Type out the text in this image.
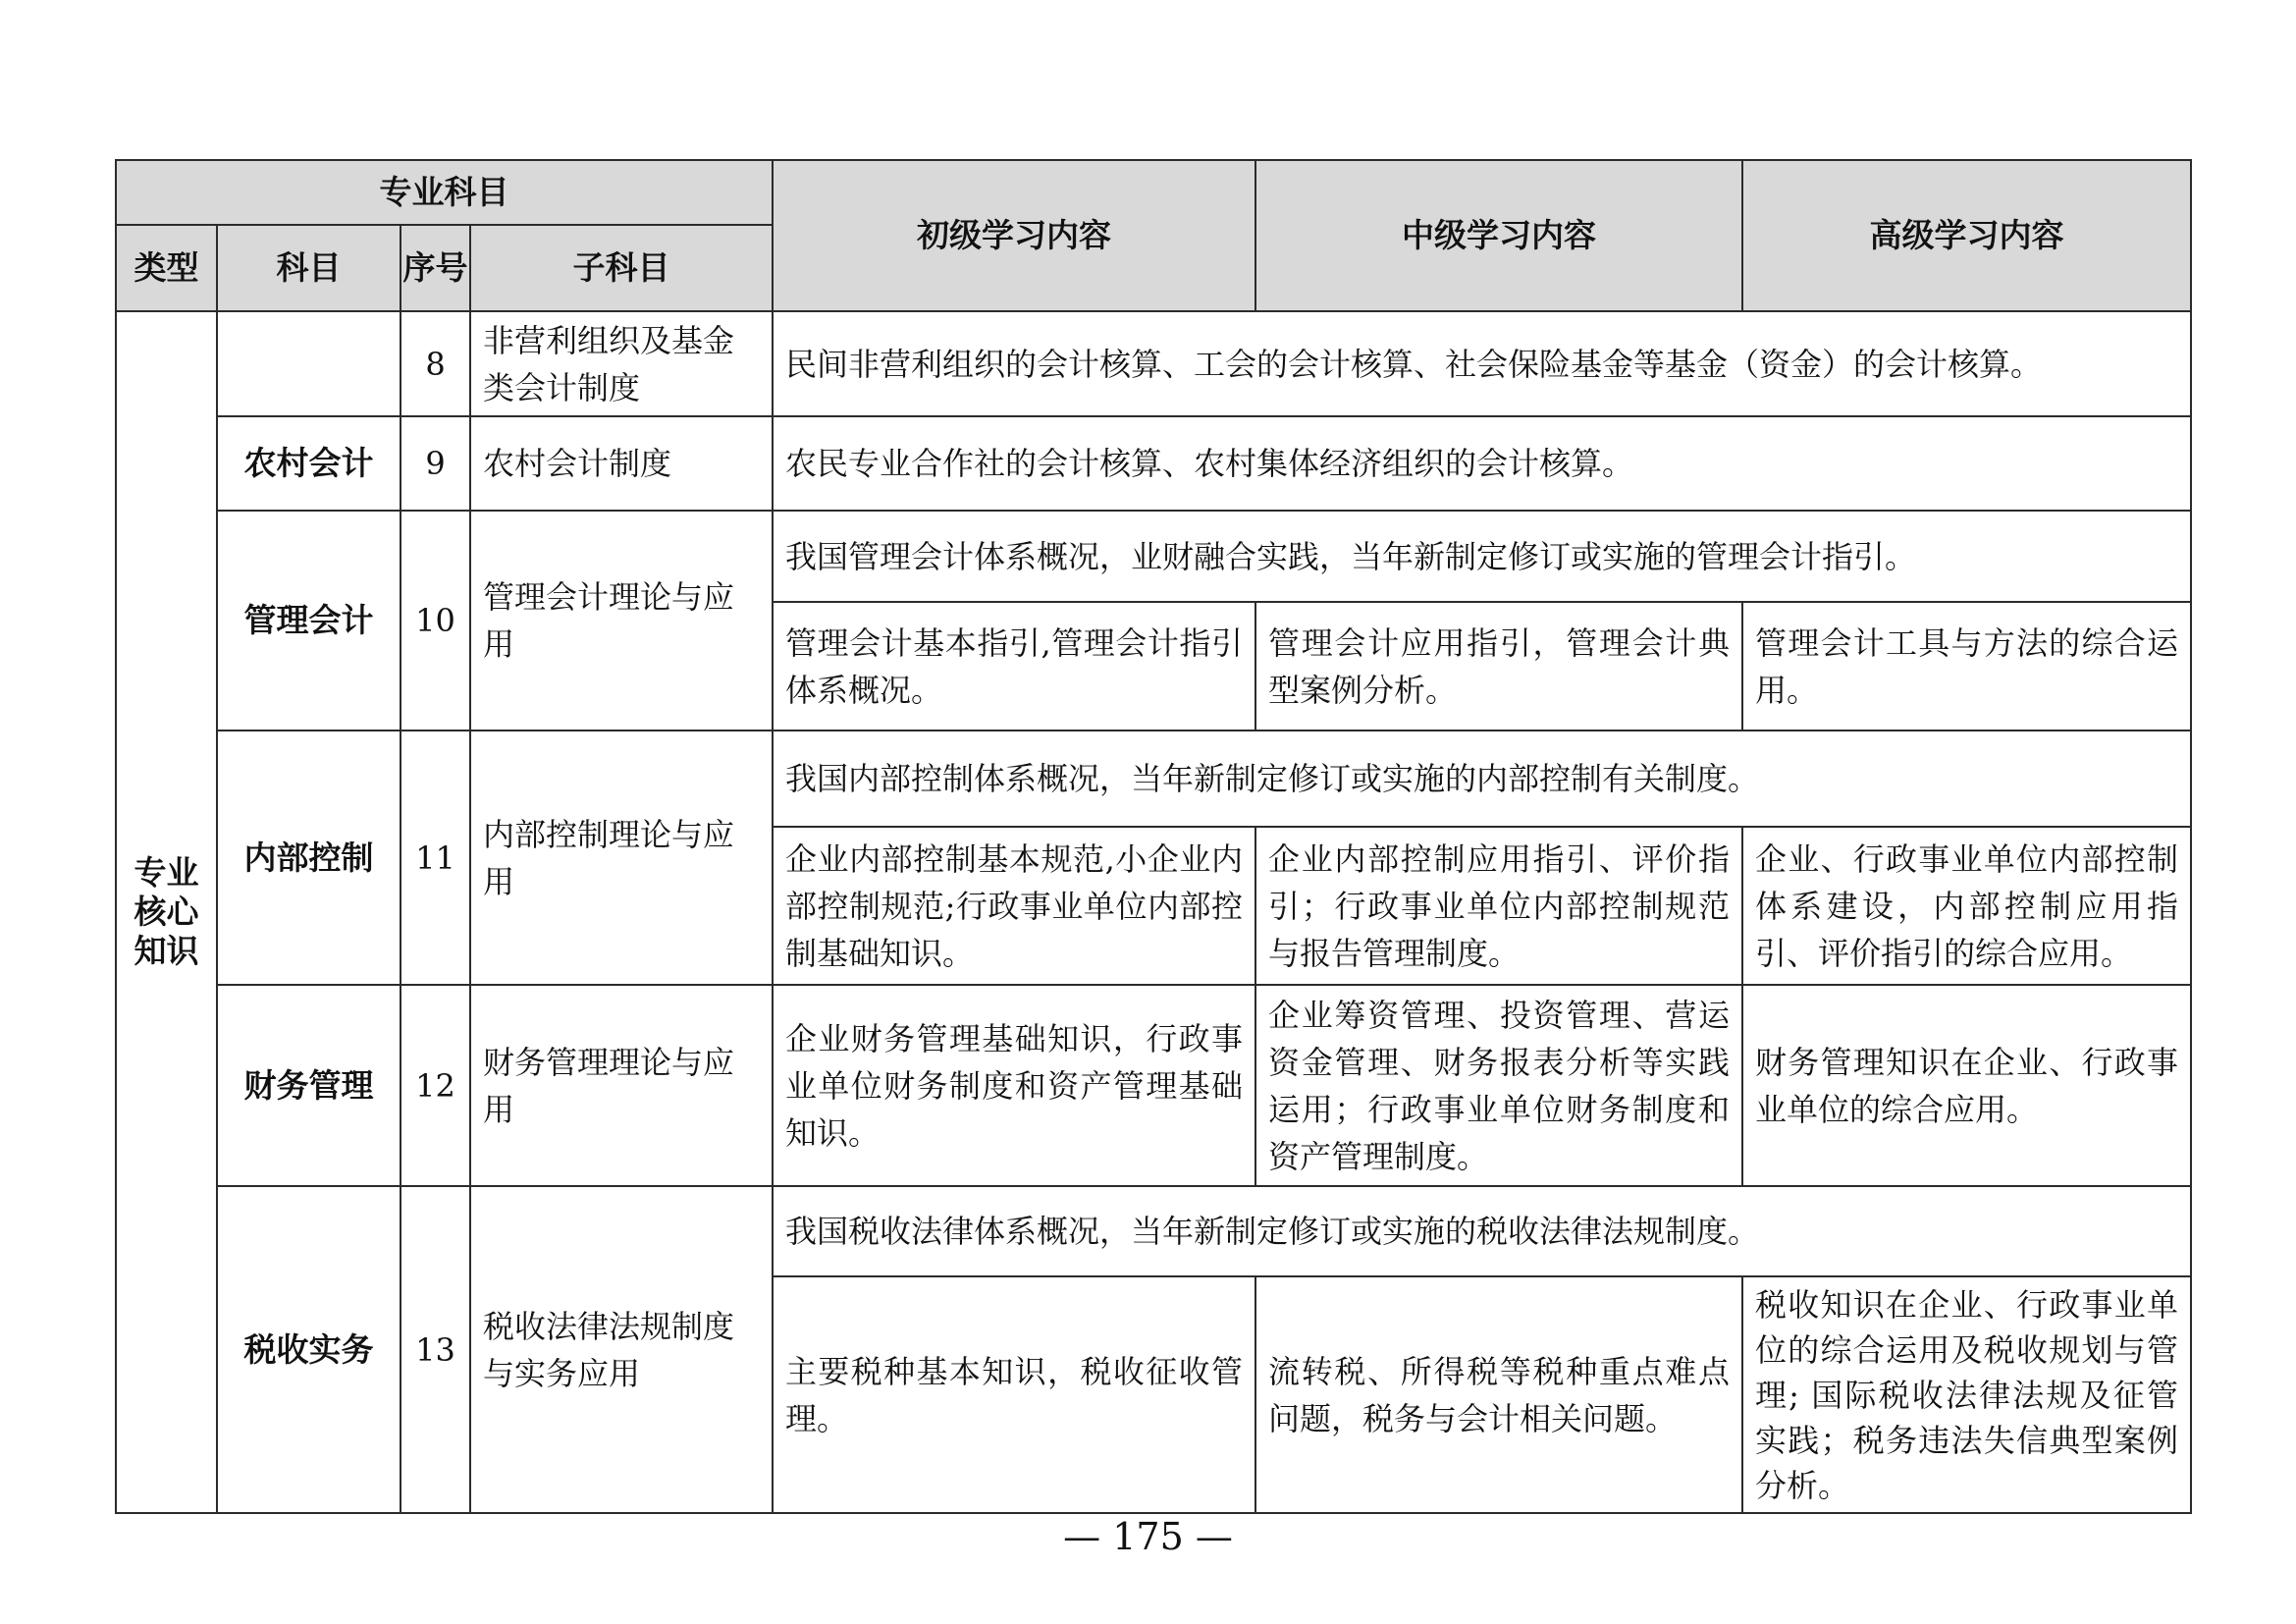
专业科目				初级学习内容	中级学习内容	高级学习内容
类型	科目	序号	子科目			
专业核心知识		8	非营利组织及基金类会计制度	民间非营利组织的会计核算、工会的会计核算、社会保险基金等基金（资金）的会计核算。		
	农村会计	9	农村会计制度	农民专业合作社的会计核算、农村集体经济组织的会计核算。		
	管理会计	10	管理会计理论与应用	我国管理会计体系概况，业财融合实践，当年新制定修订或实施的管理会计指引。		
				管理会计基本指引,管理会计指引体系概况。	管理会计应用指引，管理会计典型案例分析。	管理会计工具与方法的综合运用。
	内部控制	11	内部控制理论与应用	我国内部控制体系概况，当年新制定修订或实施的内部控制有关制度。		
				企业内部控制基本规范,小企业内部控制规范;行政事业单位内部控制基础知识。	企业内部控制应用指引、评价指引；行政事业单位内部控制规范与报告管理制度。	企业、行政事业单位内部控制体系建设，内部控制应用指引、评价指引的综合应用。
	财务管理	12	财务管理理论与应用	企业财务管理基础知识，行政事业单位财务制度和资产管理基础知识。	企业筹资管理、投资管理、营运资金管理、财务报表分析等实践运用；行政事业单位财务制度和资产管理制度。	财务管理知识在企业、行政事业单位的综合应用。
	税收实务	13	税收法律法规制度与实务应用	我国税收法律体系概况，当年新制定修订或实施的税收法律法规制度。		
				主要税种基本知识，税收征收管理。	流转税、所得税等税种重点难点问题，税务与会计相关问题。	税收知识在企业、行政事业单位的综合运用及税收规划与管理; 国际税收法律法规及征管实践；税务违法失信典型案例分析。
— 175 —
